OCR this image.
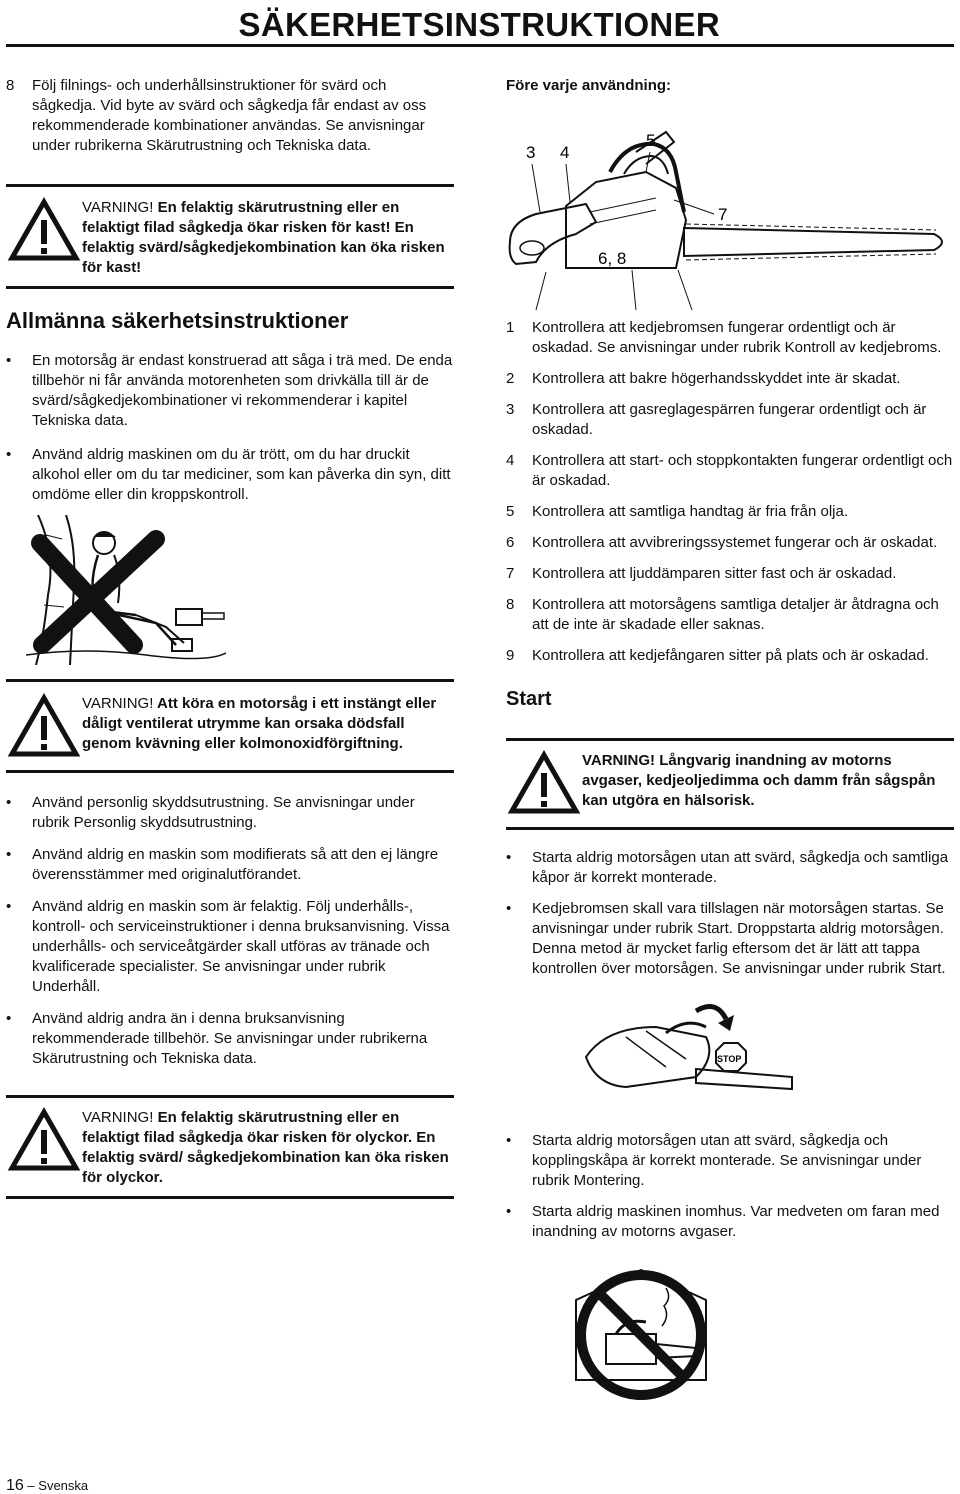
SÄKERHETSINSTRUKTIONER
8 Följ filnings- och underhållsinstruktioner för svärd och sågkedja. Vid byte av svärd och sågkedja får endast av oss rekommenderade kombinationer användas. Se anvisningar under rubrikerna Skärutrustning och Tekniska data.
VARNING! En felaktig skärutrustning eller en felaktigt filad sågkedja ökar risken för kast! En felaktig svärd/sågkedjekombination kan öka risken för kast!
Allmänna säkerhetsinstruktioner
• En motorsåg är endast konstruerad att såga i trä med. De enda tillbehör ni får använda motorenheten som drivkälla till är de svärd/sågkedjekombinationer vi rekommenderar i kapitel Tekniska data.
• Använd aldrig maskinen om du är trött, om du har druckit alkohol eller om du tar mediciner, som kan påverka din syn, ditt omdöme eller din kroppskontroll.
VARNING! Att köra en motorsåg i ett instängt eller dåligt ventilerat utrymme kan orsaka dödsfall genom kvävning eller kolmonoxidförgiftning.
• Använd personlig skyddsutrustning. Se anvisningar under rubrik Personlig skyddsutrustning.
• Använd aldrig en maskin som modifierats så att den ej längre överensstämmer med originalutförandet.
• Använd aldrig en maskin som är felaktig. Följ underhålls-, kontroll- och serviceinstruktioner i denna bruksanvisning. Vissa underhålls- och serviceåtgärder skall utföras av tränade och kvalificerade specialister. Se anvisningar under rubrik Underhåll.
• Använd aldrig andra än i denna bruksanvisning rekommenderade tillbehör. Se anvisningar under rubrikerna Skärutrustning och Tekniska data.
VARNING! En felaktig skärutrustning eller en felaktigt filad sågkedja ökar risken för olyckor. En felaktig svärd/ sågkedjekombination kan öka risken för olyckor.
Före varje användning:
3 4
5
7
6, 8
1 Kontrollera att kedjebromsen fungerar ordentligt och är oskadad. Se anvisningar under rubrik Kontroll av kedjebroms.
2 Kontrollera att bakre högerhandsskyddet inte är skadat.
3 Kontrollera att gasreglagespärren fungerar ordentligt och är oskadad.
4 Kontrollera att start- och stoppkontakten fungerar ordentligt och är oskadad.
5 Kontrollera att samtliga handtag är fria från olja.
6 Kontrollera att avvibreringssystemet fungerar och är oskadat.
7 Kontrollera att ljuddämparen sitter fast och är oskadad.
8 Kontrollera att motorsågens samtliga detaljer är åtdragna och att de inte är skadade eller saknas.
9 Kontrollera att kedjefångaren sitter på plats och är oskadad.
Start
VARNING! Långvarig inandning av motorns avgaser, kedjeoljedimma och damm från sågspån kan utgöra en hälsorisk.
• Starta aldrig motorsågen utan att svärd, sågkedja och samtliga kåpor är korrekt monterade.
• Kedjebromsen skall vara tillslagen när motorsågen startas. Se anvisningar under rubrik Start. Droppstarta aldrig motorsågen. Denna metod är mycket farlig eftersom det är lätt att tappa kontrollen över motorsågen. Se anvisningar under rubrik Start.
STOP
• Starta aldrig motorsågen utan att svärd, sågkedja och kopplingskåpa är korrekt monterade. Se anvisningar under rubrik Montering.
• Starta aldrig maskinen inomhus. Var medveten om faran med inandning av motorns avgaser.
16 – Svenska
